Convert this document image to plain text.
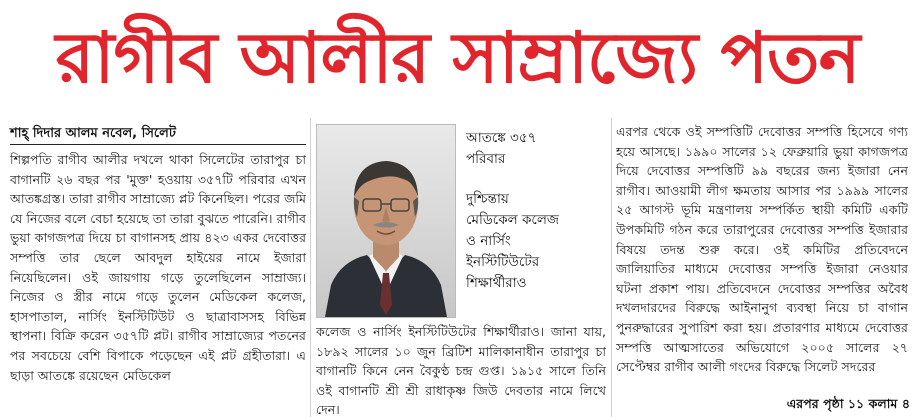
রাগীব আলীর সাম্রাজ্যে পতন
শাহ্ দিদার আলম নবেল, সিলেট

শিল্পপতি রাগীব আলীর দখলে থাকা সিলেটের তারাপুর চা বাগানটি ২৬ বছর পর 'মুক্ত' হওয়ায় ৩৫৭টি পরিবার এখন আতঙ্কগ্রস্ত। তারা রাগীব সাম্রাজ্যে প্লট কিনেছিল। পরের জমি যে নিজের বলে বেচা হয়েছে তা তারা বুঝতে পারেনি। রাগীব ভুয়া কাগজপত্র দিয়ে চা বাগানসহ প্রায় ৪২৩ একর দেবোত্তর সম্পত্তি তার ছেলে আবদুল হাইয়ের নামে ইজারা নিয়েছিলেন। ওই জায়গায় গড়ে তুলেছিলেন সাম্রাজ্য। নিজের ও স্ত্রীর নামে গড়ে তুলেন মেডিকেল কলেজ, হাসপাতাল, নার্সিং ইনস্টিটিউট ও ছাত্রাবাসসহ বিভিন্ন স্থাপনা। বিক্রি করেন ৩৫৭টি প্লট। রাগীব সাম্রাজ্যের পতনের পর সবচেয়ে বেশি বিপাকে পড়েছেন এই প্লট গ্রহীতারা। এ ছাড়া আতঙ্কে রয়েছেন মেডিকেল

আতঙ্কে ৩৫৭
পরিবার
দুশ্চিন্তায়
মেডিকেল কলেজ
ও নার্সিং
ইনস্টিটিউটের
শিক্ষার্থীরাও
কলেজ ও নার্সিং ইনস্টিটিউটের শিক্ষার্থীরাও। জানা যায়, ১৮৯২ সালের ১০ জুন ব্রিটিশ মালিকানাধীন তারাপুর চা বাগানটি কিনে নেন বৈকুণ্ঠ চন্দ্র গুপ্ত। ১৯১৫ সালে তিনি ওই বাগানটি শ্রী শ্রী রাধাকৃষ্ণ জিউ দেবতার নামে লিখে দেন।
এরপর থেকে ওই সম্পত্তিটি দেবোত্তর সম্পত্তি হিসেবে গণ্য হয়ে আসছে। ১৯৯০ সালের ১২ ফেব্রুয়ারি ভুয়া কাগজপত্র দিয়ে দেবোত্তর সম্পত্তিটি ৯৯ বছরের জন্য ইজারা নেন রাগীব। আওয়ামী লীগ ক্ষমতায় আসার পর ১৯৯৯ সালের ২৫ আগস্ট ভূমি মন্ত্রণালয় সম্পর্কিত স্থায়ী কমিটি একটি উপকমিটি গঠন করে তারাপুরের দেবোত্তর সম্পত্তি ইজারার বিষয়ে তদন্ত শুরু করে। ওই কমিটির প্রতিবেদনে জালিয়াতির মাধ্যমে দেবোত্তর সম্পত্তি ইজারা নেওয়ার ঘটনা প্রকাশ পায়। প্রতিবেদনে দেবোত্তর সম্পত্তির অবৈধ দখলদারদের বিরুদ্ধে আইনানুগ ব্যবস্থা নিয়ে চা বাগান পুনরুদ্ধারের সুপারিশ করা হয়। প্রতারণার মাধ্যমে দেবোত্তর সম্পত্তি আত্মসাতের অভিযোগে ২০০৫ সালের ২৭ সেপ্টেম্বর রাগীব আলী গংদের বিরুদ্ধে সিলেট সদরের
এরপর পৃষ্ঠা ১১ কলাম ৪
